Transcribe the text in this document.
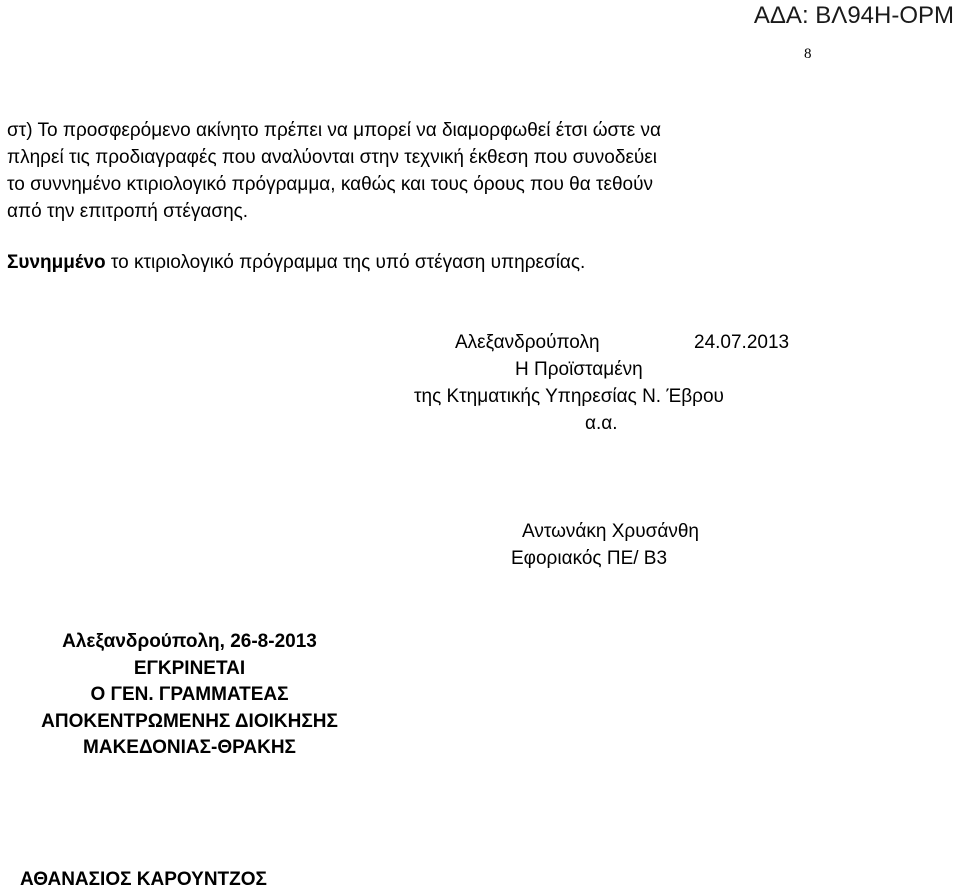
ΑΔΑ: ΒΛ94Η-ΟΡΜ
8
στ) Το προσφερόμενο ακίνητο πρέπει να μπορεί να διαμορφωθεί έτσι ώστε να
πληρεί τις προδιαγραφές που αναλύονται στην τεχνική έκθεση που συνοδεύει
το συννημένο κτιριολογικό πρόγραμμα, καθώς και τους όρους που θα τεθούν
από την επιτροπή στέγασης.
Συνημμένο το κτιριολογικό πρόγραμμα της υπό στέγαση υπηρεσίας.
Αλεξανδρούπολη	24.07.2013
Η Προϊσταμένη
της Κτηματικής Υπηρεσίας Ν. Έβρου
α.α.
Αντωνάκη Χρυσάνθη
Εφοριακός ΠΕ/ Β3
Αλεξανδρούπολη, 26-8-2013
ΕΓΚΡΙΝΕΤΑΙ
Ο ΓΕΝ. ΓΡΑΜΜΑΤΕΑΣ
ΑΠΟΚΕΝΤΡΩΜΕΝΗΣ ΔΙΟΙΚΗΣΗΣ
ΜΑΚΕΔΟΝΙΑΣ-ΘΡΑΚΗΣ
ΑΘΑΝΑΣΙΟΣ ΚΑΡΟΥΝΤΖΟΣ
